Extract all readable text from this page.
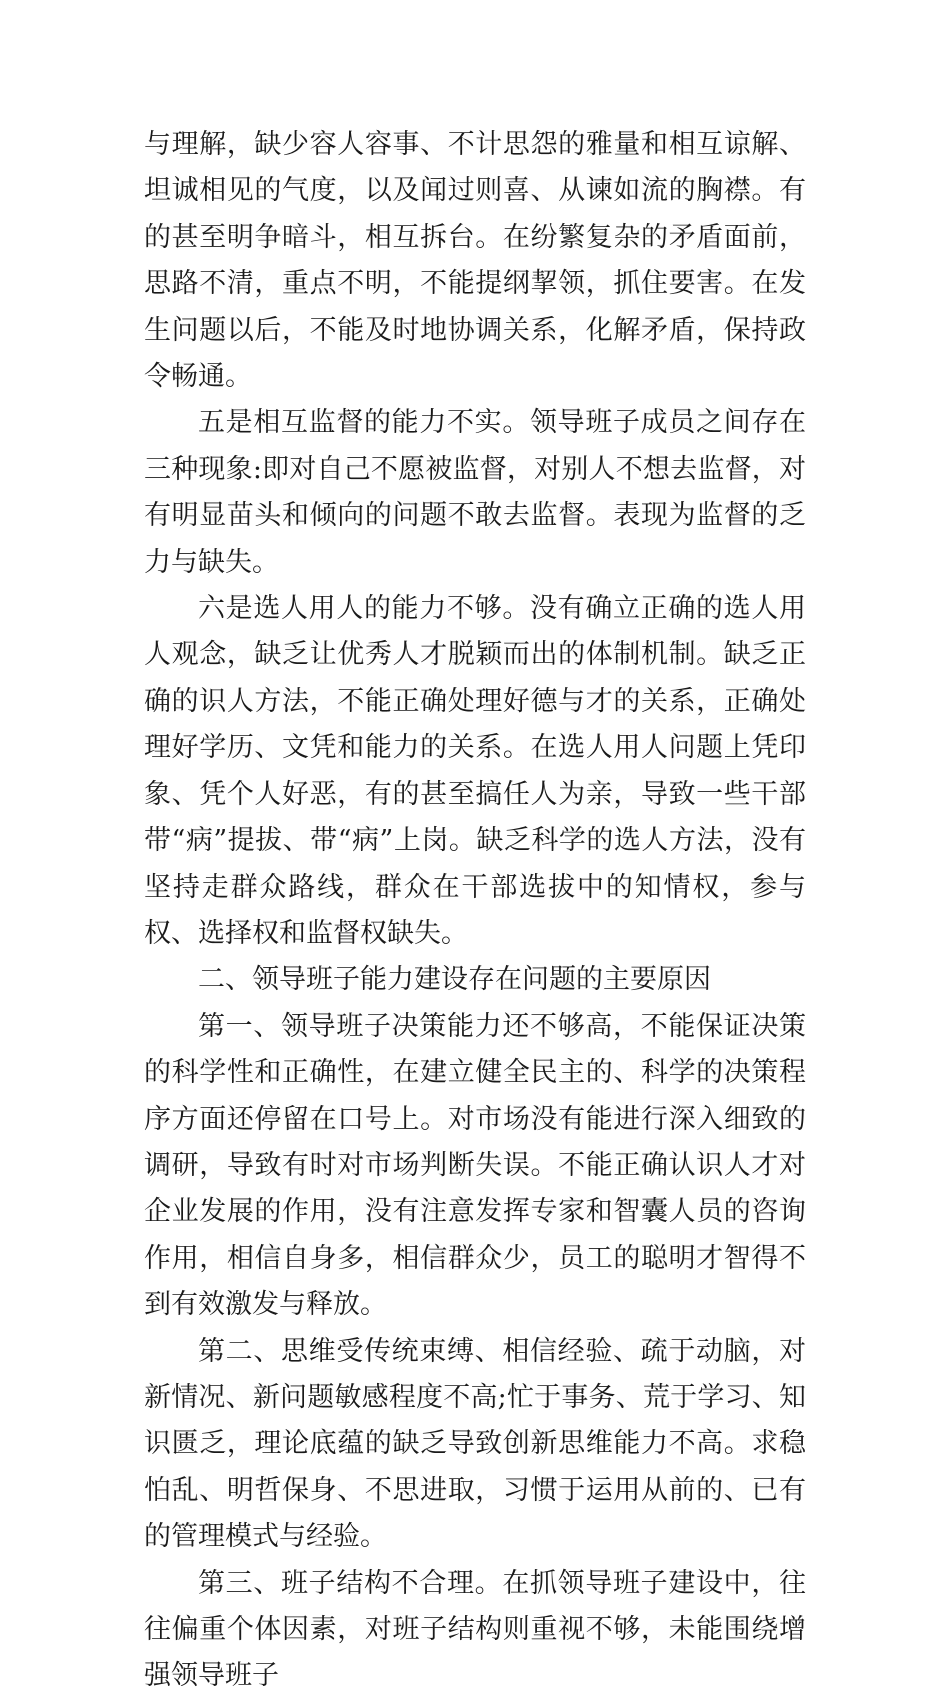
与理解，缺少容人容事、不计思怨的雅量和相互谅解、坦诚相见的气度，以及闻过则喜、从谏如流的胸襟。有的甚至明争暗斗，相互拆台。在纷繁复杂的矛盾面前，思路不清，重点不明，不能提纲挈领，抓住要害。在发生问题以后，不能及时地协调关系，化解矛盾，保持政令畅通。

五是相互监督的能力不实。领导班子成员之间存在三种现象:即对自己不愿被监督，对别人不想去监督，对有明显苗头和倾向的问题不敢去监督。表现为监督的乏力与缺失。

六是选人用人的能力不够。没有确立正确的选人用人观念，缺乏让优秀人才脱颖而出的体制机制。缺乏正确的识人方法，不能正确处理好德与才的关系，正确处理好学历、文凭和能力的关系。在选人用人问题上凭印象、凭个人好恶，有的甚至搞任人为亲，导致一些干部带“病”提拔、带“病”上岗。缺乏科学的选人方法，没有坚持走群众路线，群众在干部选拔中的知情权，参与权、选择权和监督权缺失。

二、领导班子能力建设存在问题的主要原因

第一、领导班子决策能力还不够高，不能保证决策的科学性和正确性，在建立健全民主的、科学的决策程序方面还停留在口号上。对市场没有能进行深入细致的调研，导致有时对市场判断失误。不能正确认识人才对企业发展的作用，没有注意发挥专家和智囊人员的咨询作用，相信自身多，相信群众少，员工的聪明才智得不到有效激发与释放。

第二、思维受传统束缚、相信经验、疏于动脑，对新情况、新问题敏感程度不高;忙于事务、荒于学习、知识匮乏，理论底蕴的缺乏导致创新思维能力不高。求稳怕乱、明哲保身、不思进取，习惯于运用从前的、已有的管理模式与经验。

第三、班子结构不合理。在抓领导班子建设中，往往偏重个体因素，对班子结构则重视不够，未能围绕增强领导班子
